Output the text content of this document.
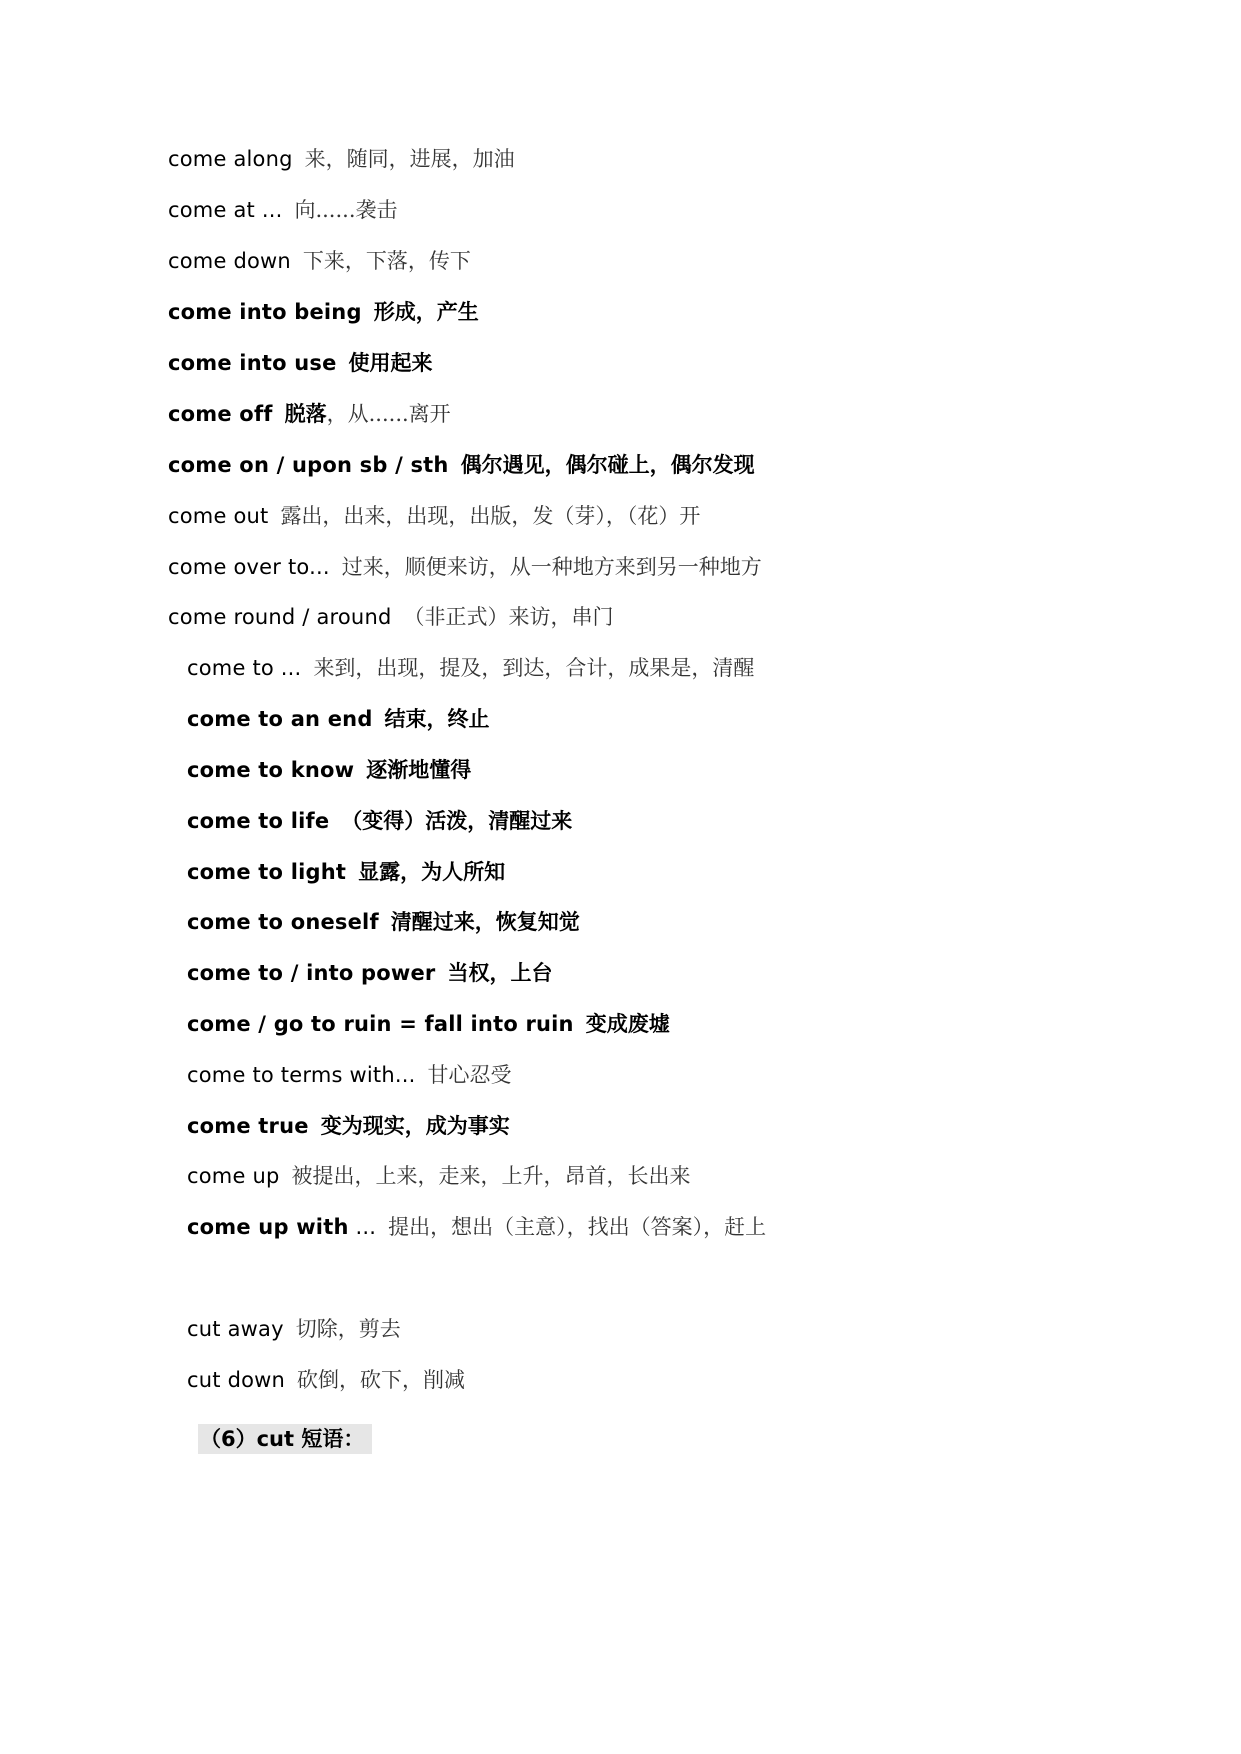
come along 来，随同，进展，加油
come at ... 向......袭击
come down 下来，下落，传下
come into being 形成，产生
come into use 使用起来
come off 脱落，从......离开
come on / upon sb / sth 偶尔遇见，偶尔碰上，偶尔发现
come out 露出，出来，出现，出版，发（芽），（花）开
come over to... 过来，顺便来访，从一种地方来到另一种地方
come round / around （非正式）来访，串门
come to ... 来到，出现，提及，到达，合计，成果是，清醒
come to an end 结束，终止
come to know 逐渐地懂得
come to life （变得）活泼，清醒过来
come to light 显露，为人所知
come to oneself 清醒过来，恢复知觉
come to / into power 当权，上台
come / go to ruin = fall into ruin 变成废墟
come to terms with... 甘心忍受
come true 变为现实，成为事实
come up 被提出，上来，走来，上升，昂首，长出来
come up with ... 提出，想出（主意），找出（答案），赶上
（6）cut 短语：
cut away 切除，剪去
cut down 砍倒，砍下，削减
